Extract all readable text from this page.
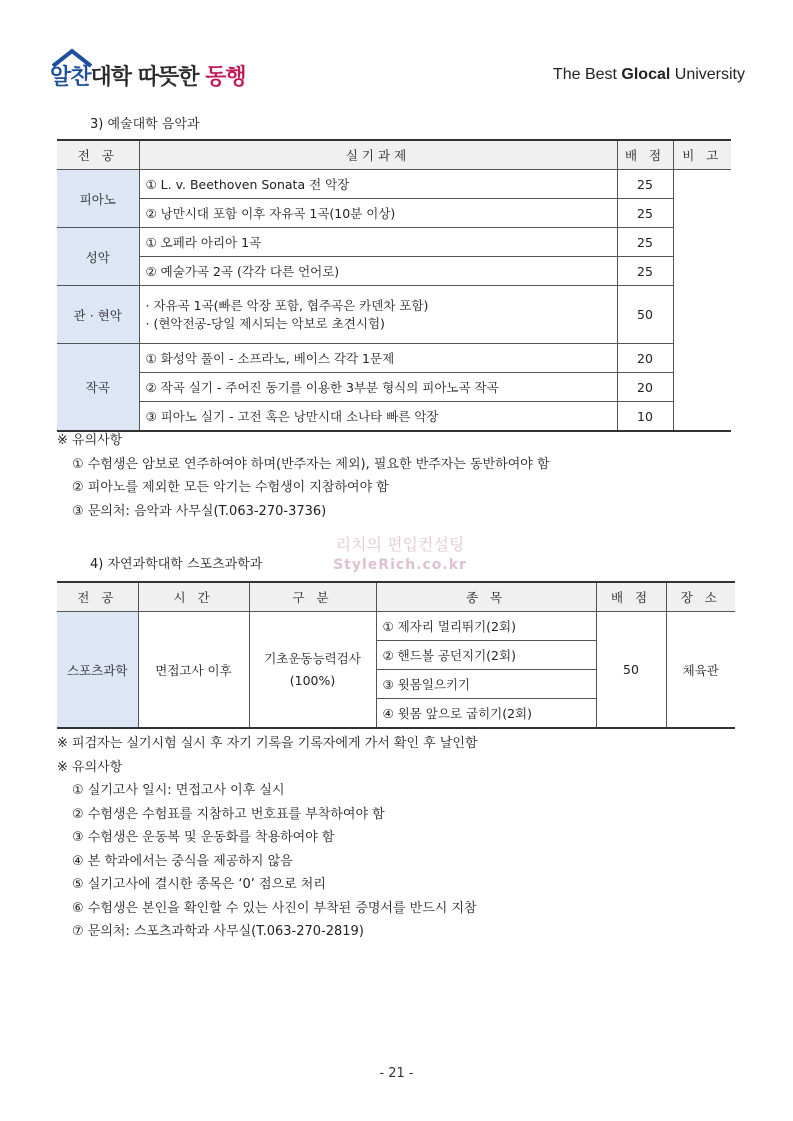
알찬대학 따뜻한 동행	The Best Glocal University
3) 예술대학 음악과
전 공	실기과제	배 점	비 고
피아노	① L. v. Beethoven Sonata 전 악장	25	
	② 낭만시대 포함 이후 자유곡 1곡(10분 이상)	25	
성악	① 오페라 아리아 1곡	25	
	② 예술가곡 2곡 (각각 다른 언어로)	25	
관 · 현악	· 자유곡 1곡(빠른 악장 포함, 협주곡은 카덴차 포함)
· (현악전공-당일 제시되는 악보로 초견시험)	50	
작곡	① 화성악 풀이 - 소프라노, 베이스 각각 1문제	20	
	② 작곡 실기 - 주어진 동기를 이용한 3부분 형식의 피아노곡 작곡	20	
	③ 피아노 실기 - 고전 혹은 낭만시대 소나타 빠른 악장	10	
※ 유의사항
① 수험생은 암보로 연주하여야 하며(반주자는 제외), 필요한 반주자는 동반하여야 함
② 피아노를 제외한 모든 악기는 수험생이 지참하여야 함
③ 문의처: 음악과 사무실(T.063-270-3736)
리치의 편입컨설팅
StyleRich.co.kr
4) 자연과학대학 스포츠과학과
전 공	시 간	구 분	종 목	배 점	장 소
스포츠과학	면접고사 이후	기초운동능력검사
(100%)	① 제자리 멀리뛰기(2회)	50	체육관
			② 핸드볼 공던지기(2회)		
			③ 윗몸일으키기		
			④ 윗몸 앞으로 굽히기(2회)		
※ 피검자는 실기시험 실시 후 자기 기록을 기록자에게 가서 확인 후 날인함
※ 유의사항
① 실기고사 일시: 면접고사 이후 실시
② 수험생은 수험표를 지참하고 번호표를 부착하여야 함
③ 수험생은 운동복 및 운동화를 착용하여야 함
④ 본 학과에서는 중식을 제공하지 않음
⑤ 실기고사에 결시한 종목은 ‘0’ 점으로 처리
⑥ 수험생은 본인을 확인할 수 있는 사진이 부착된 증명서를 반드시 지참
⑦ 문의처: 스포츠과학과 사무실(T.063-270-2819)
- 21 -
